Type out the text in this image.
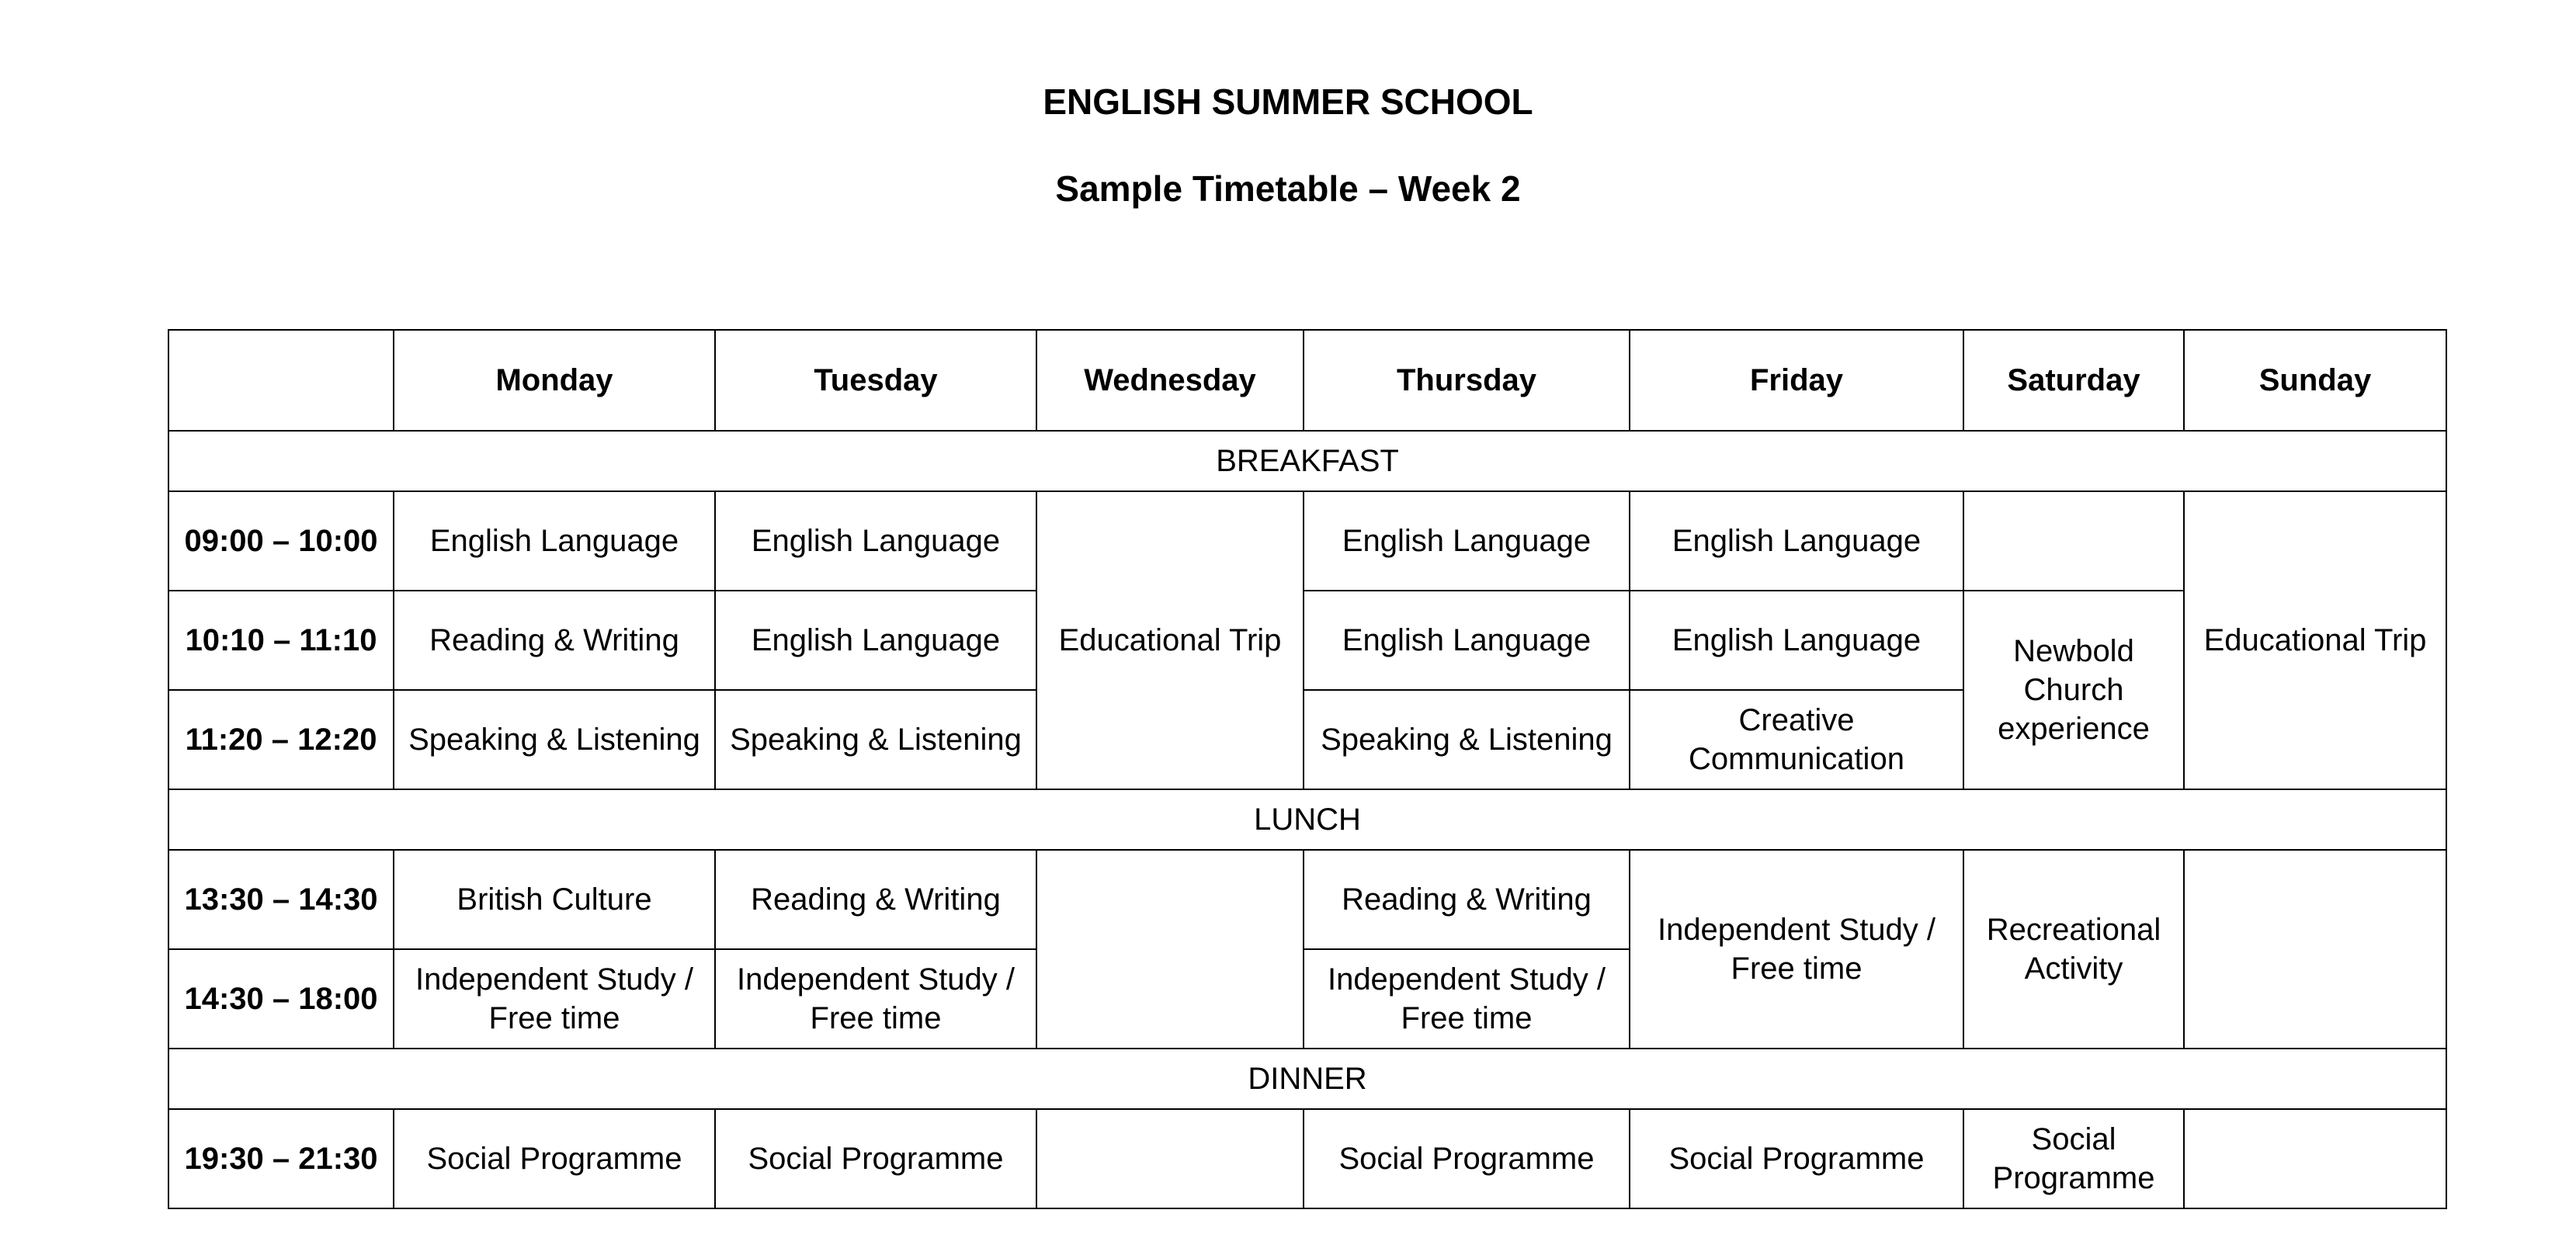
ENGLISH SUMMER SCHOOL
Sample Timetable – Week 2
	Monday	Tuesday	Wednesday	Thursday	Friday	Saturday	Sunday
BREAKFAST							
09:00 – 10:00	English Language	English Language	Educational Trip	English Language	English Language		Educational Trip
10:10 – 11:10	Reading & Writing	English Language		English Language	English Language	Newbold Church experience	
11:20 – 12:20	Speaking & Listening	Speaking & Listening		Speaking & Listening	Creative Communication		
LUNCH							
13:30 – 14:30	British Culture	Reading & Writing		Reading & Writing	Independent Study / Free time	Recreational Activity	
14:30 – 18:00	Independent Study / Free time	Independent Study / Free time		Independent Study / Free time			
DINNER							
19:30 – 21:30	Social Programme	Social Programme		Social Programme	Social Programme	Social Programme	
